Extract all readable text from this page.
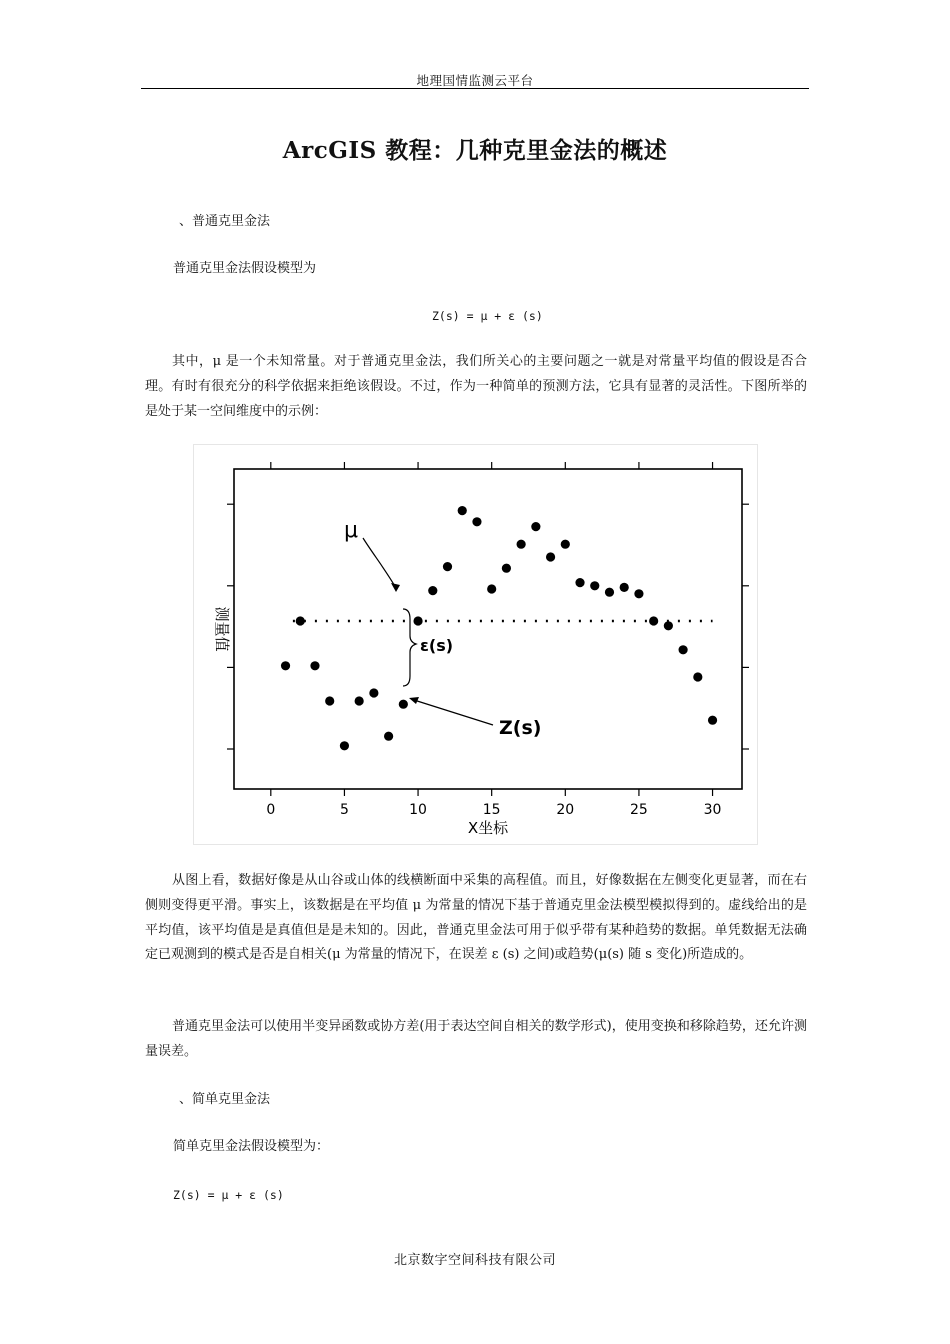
地理国情监测云平台
ArcGIS 教程：几种克里金法的概述
、普通克里金法
普通克里金法假设模型为
Z(s) = μ + ε (s)
其中，μ 是一个未知常量。对于普通克里金法，我们所关心的主要问题之一就是对常量平均值的假设是否合理。有时有很充分的科学依据来拒绝该假设。不过，作为一种简单的预测方法，它具有显著的灵活性。下图所举的是处于某一空间维度中的示例：
0	5	10	15	20	25	30
μ
ε(s)
Z(s)
测量值
X坐标
从图上看，数据好像是从山谷或山体的线横断面中采集的高程值。而且，好像数据在左侧变化更显著，而在右侧则变得更平滑。事实上，该数据是在平均值 μ 为常量的情况下基于普通克里金法模型模拟得到的。虚线给出的是平均值，该平均值是是真值但是是未知的。因此，普通克里金法可用于似乎带有某种趋势的数据。单凭数据无法确定已观测到的模式是否是自相关(μ 为常量的情况下，在误差 ε (s) 之间)或趋势(μ(s) 随 s 变化)所造成的。
普通克里金法可以使用半变异函数或协方差(用于表达空间自相关的数学形式)，使用变换和移除趋势，还允许测量误差。
、简单克里金法
简单克里金法假设模型为：
Z(s) = μ + ε (s)
北京数字空间科技有限公司
